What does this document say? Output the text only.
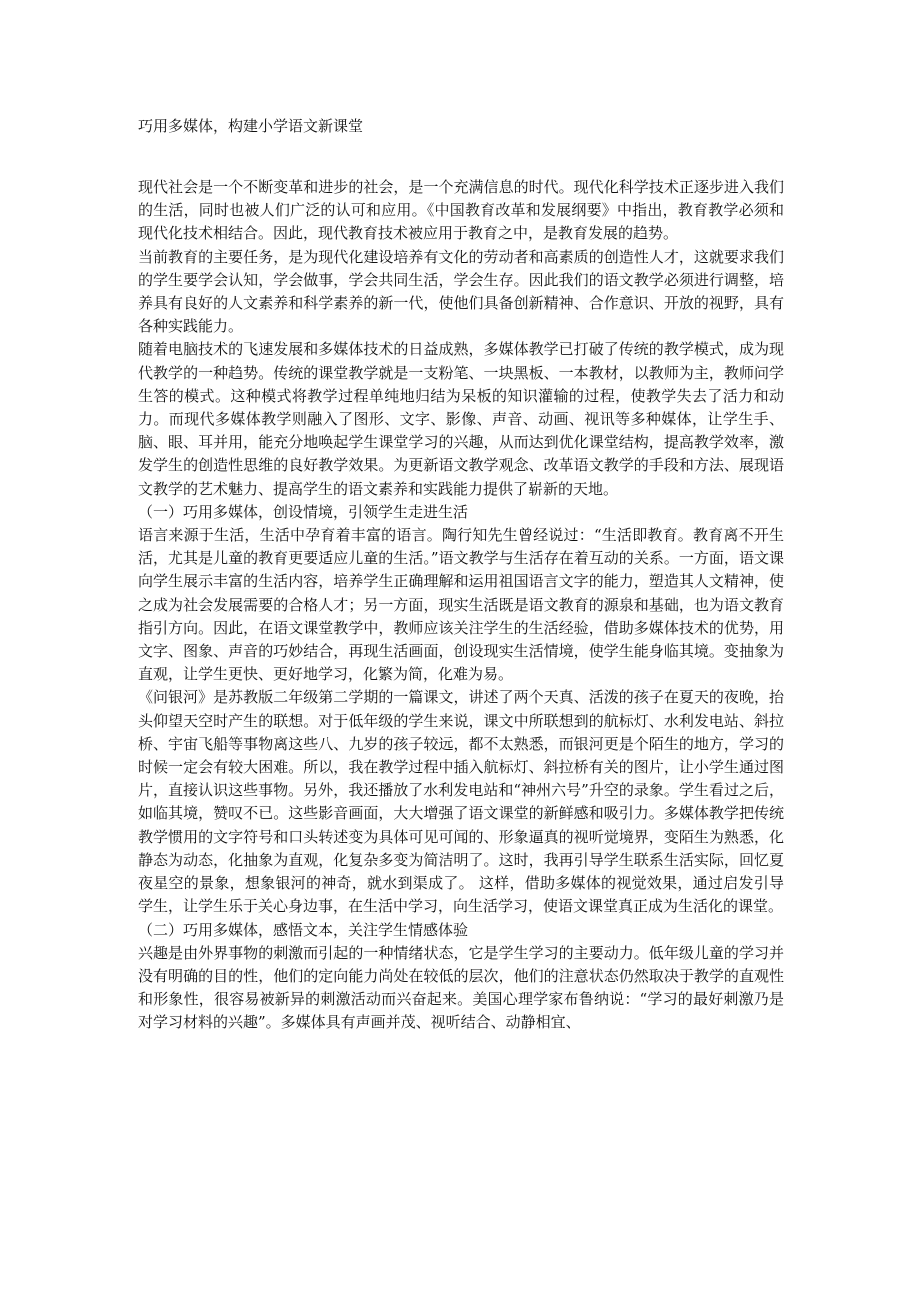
巧用多媒体，构建小学语文新课堂

现代社会是一个不断变革和进步的社会，是一个充满信息的时代。现代化科学技术正逐步进入我们的生活，同时也被人们广泛的认可和应用。《中国教育改革和发展纲要》中指出，教育教学必须和现代化技术相结合。因此，现代教育技术被应用于教育之中，是教育发展的趋势。

当前教育的主要任务，是为现代化建设培养有文化的劳动者和高素质的创造性人才，这就要求我们的学生要学会认知，学会做事，学会共同生活，学会生存。因此我们的语文教学必须进行调整，培养具有良好的人文素养和科学素养的新一代，使他们具备创新精神、合作意识、开放的视野，具有各种实践能力。

随着电脑技术的飞速发展和多媒体技术的日益成熟，多媒体教学已打破了传统的教学模式，成为现代教学的一种趋势。传统的课堂教学就是一支粉笔、一块黑板、一本教材，以教师为主，教师问学生答的模式。这种模式将教学过程单纯地归结为呆板的知识灌输的过程，使教学失去了活力和动力。而现代多媒体教学则融入了图形、文字、影像、声音、动画、视讯等多种媒体，让学生手、脑、眼、耳并用，能充分地唤起学生课堂学习的兴趣，从而达到优化课堂结构，提高教学效率，激发学生的创造性思维的良好教学效果。为更新语文教学观念、改革语文教学的手段和方法、展现语文教学的艺术魅力、提高学生的语文素养和实践能力提供了崭新的天地。

（一）巧用多媒体，创设情境，引领学生走进生活

语言来源于生活，生活中孕育着丰富的语言。陶行知先生曾经说过：“生活即教育。教育离不开生活，尤其是儿童的教育更要适应儿童的生活。”语文教学与生活存在着互动的关系。一方面，语文课向学生展示丰富的生活内容，培养学生正确理解和运用祖国语言文字的能力，塑造其人文精神，使之成为社会发展需要的合格人才；另一方面，现实生活既是语文教育的源泉和基础，也为语文教育指引方向。因此，在语文课堂教学中，教师应该关注学生的生活经验，借助多媒体技术的优势，用文字、图象、声音的巧妙结合，再现生活画面，创设现实生活情境，使学生能身临其境。变抽象为直观，让学生更快、更好地学习，化繁为简，化难为易。

《问银河》是苏教版二年级第二学期的一篇课文，讲述了两个天真、活泼的孩子在夏天的夜晚，抬头仰望天空时产生的联想。对于低年级的学生来说，课文中所联想到的航标灯、水利发电站、斜拉桥、宇宙飞船等事物离这些八、九岁的孩子较远，都不太熟悉，而银河更是个陌生的地方，学习的时候一定会有较大困难。所以，我在教学过程中插入航标灯、斜拉桥有关的图片，让小学生通过图片，直接认识这些事物。另外，我还播放了水利发电站和“神州六号”升空的录象。学生看过之后，如临其境，赞叹不已。这些影音画面，大大增强了语文课堂的新鲜感和吸引力。多媒体教学把传统教学惯用的文字符号和口头转述变为具体可见可闻的、形象逼真的视听觉境界，变陌生为熟悉，化静态为动态，化抽象为直观，化复杂多变为简洁明了。这时，我再引导学生联系生活实际，回忆夏夜星空的景象，想象银河的神奇，就水到渠成了。 这样，借助多媒体的视觉效果，通过启发引导学生，让学生乐于关心身边事，在生活中学习，向生活学习，使语文课堂真正成为生活化的课堂。

（二）巧用多媒体，感悟文本，关注学生情感体验

兴趣是由外界事物的刺激而引起的一种情绪状态，它是学生学习的主要动力。低年级儿童的学习并没有明确的目的性，他们的定向能力尚处在较低的层次，他们的注意状态仍然取决于教学的直观性和形象性，很容易被新异的刺激活动而兴奋起来。美国心理学家布鲁纳说：“学习的最好刺激乃是对学习材料的兴趣”。多媒体具有声画并茂、视听结合、动静相宜、
